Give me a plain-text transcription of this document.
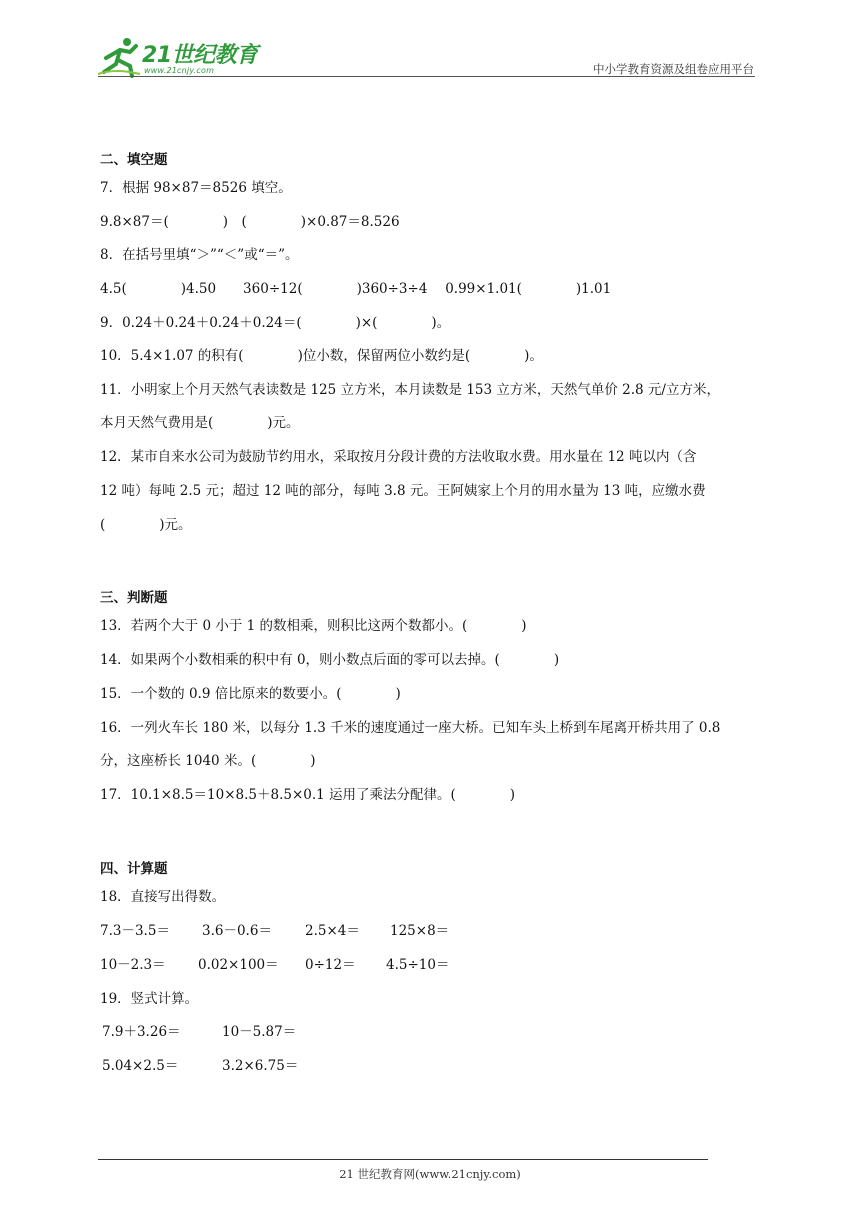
21世纪教育
www.21cnjy.com	中小学教育资源及组卷应用平台
二、填空题
7．根据 98×87＝8526 填空。
9.8×87＝(　　　　)　(　　　　)×0.87＝8.526
8．在括号里填“＞”“＜”或“＝”。
4.5(　　　　)4.50　　360÷12(　　　　)360÷3÷4　 0.99×1.01(　　　　)1.01
9．0.24＋0.24＋0.24＋0.24＝(　　　　)×(　　　　)。
10．5.4×1.07 的积有(　　　　)位小数，保留两位小数约是(　　　　)。
11．小明家上个月天然气表读数是 125 立方米，本月读数是 153 立方米，天然气单价 2.8 元/立方米，
本月天然气费用是(　　　　)元。
12．某市自来水公司为鼓励节约用水，采取按月分段计费的方法收取水费。用水量在 12 吨以内（含
12 吨）每吨 2.5 元；超过 12 吨的部分，每吨 3.8 元。王阿姨家上个月的用水量为 13 吨，应缴水费
(　　　　)元。
三、判断题
13．若两个大于 0 小于 1 的数相乘，则积比这两个数都小。(　　　　)
14．如果两个小数相乘的积中有 0，则小数点后面的零可以去掉。(　　　　)
15．一个数的 0.9 倍比原来的数要小。(　　　　)
16．一列火车长 180 米，以每分 1.3 千米的速度通过一座大桥。已知车头上桥到车尾离开桥共用了 0.8
分，这座桥长 1040 米。(　　　　)
17．10.1×8.5＝10×8.5＋8.5×0.1 运用了乘法分配律。(　　　　)
四、计算题
18．直接写出得数。
7.3－3.5＝ 3.6－0.6＝ 2.5×4＝ 125×8＝
10－2.3＝ 0.02×100＝ 0÷12＝ 4.5÷10＝
19．竖式计算。
7.9＋3.26＝	10－5.87＝
5.04×2.5＝	3.2×6.75＝
21 世纪教育网(www.21cnjy.com)
